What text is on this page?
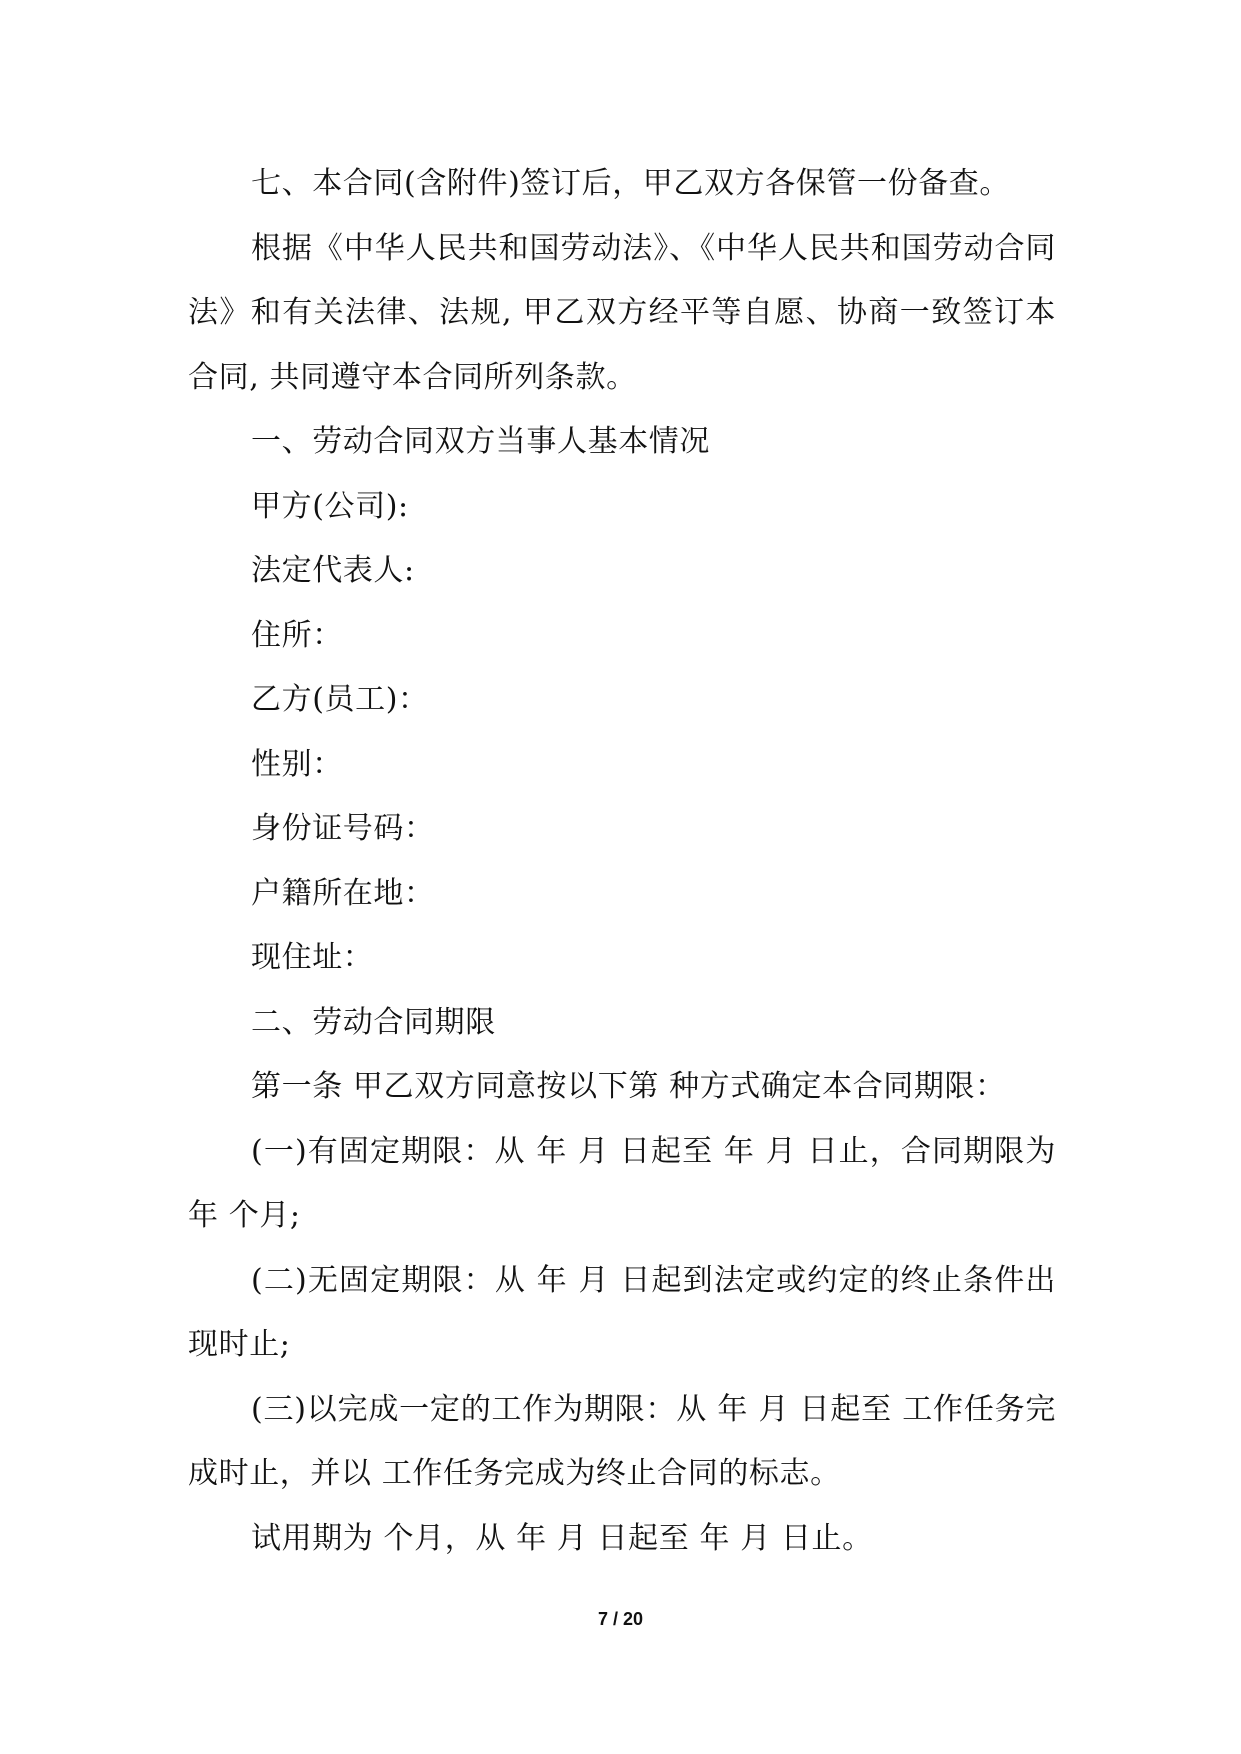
七、本合同(含附件)签订后，甲乙双方各保管一份备查。

根据《中华人民共和国劳动法》、《中华人民共和国劳动合同法》和有关法律、法规, 甲乙双方经平等自愿、协商一致签订本合同, 共同遵守本合同所列条款。

一、劳动合同双方当事人基本情况

甲方(公司):

法定代表人:

住所：

乙方(员工)：

性别：

身份证号码：

户籍所在地：

现住址：

二、劳动合同期限

第一条 甲乙双方同意按以下第 种方式确定本合同期限：

(一)有固定期限：从 年 月 日起至 年 月 日止，合同期限为 年 个月;

(二)无固定期限：从 年 月 日起到法定或约定的终止条件出现时止;

(三)以完成一定的工作为期限：从 年 月 日起至 工作任务完成时止，并以 工作任务完成为终止合同的标志。

试用期为 个月，从 年 月 日起至 年 月 日止。

7 / 20
